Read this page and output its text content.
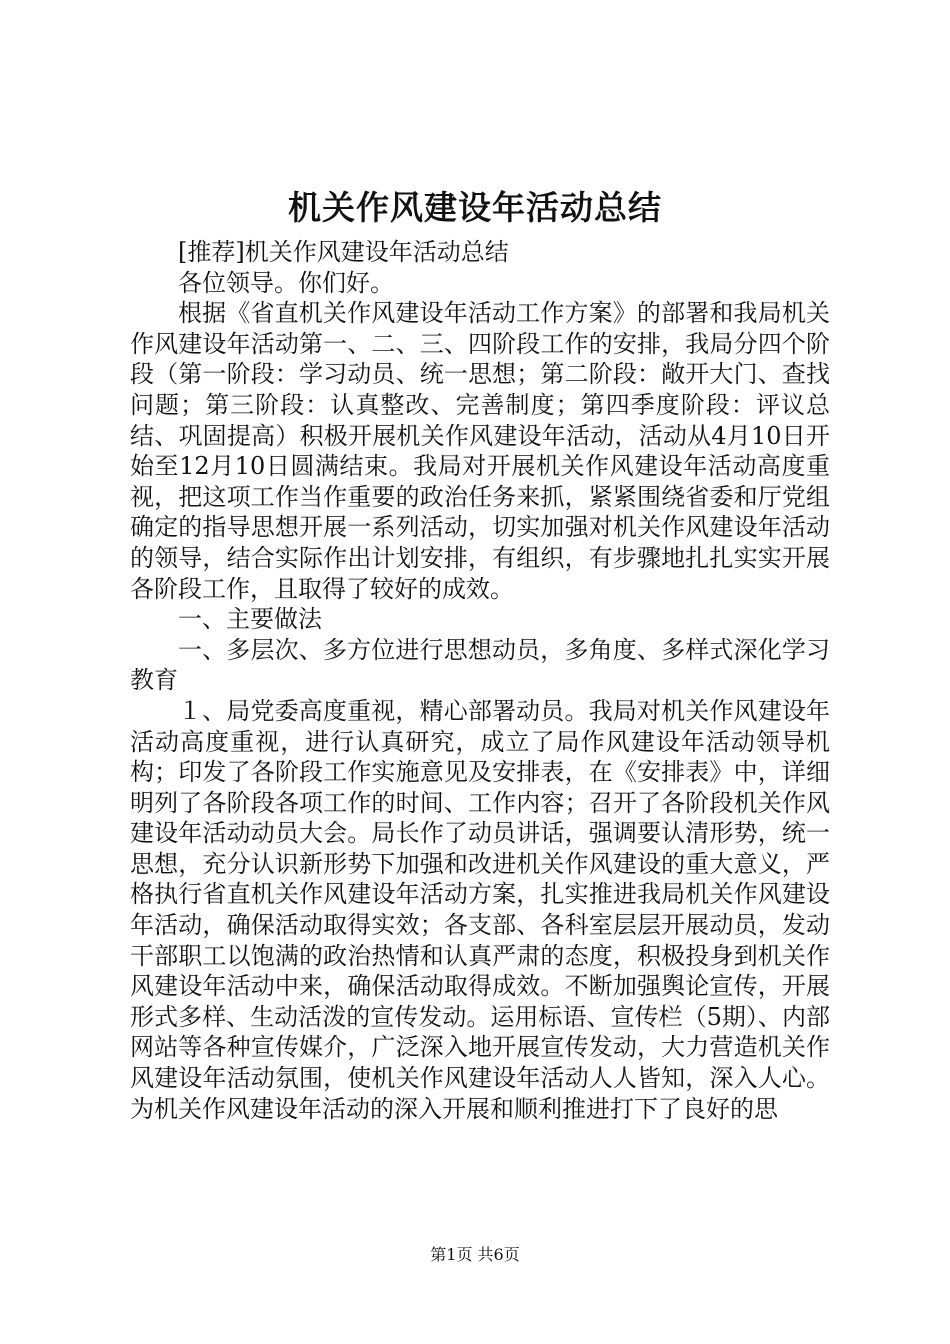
机关作风建设年活动总结

[推荐]机关作风建设年活动总结

各位领导。你们好。

根据《省直机关作风建设年活动工作方案》的部署和我局机关作风建设年活动第一、二、三、四阶段工作的安排，我局分四个阶段（第一阶段：学习动员、统一思想；第二阶段：敞开大门、查找问题；第三阶段：认真整改、完善制度；第四季度阶段：评议总结、巩固提高）积极开展机关作风建设年活动，活动从4月10日开始至12月10日圆满结束。我局对开展机关作风建设年活动高度重视，把这项工作当作重要的政治任务来抓，紧紧围绕省委和厅党组确定的指导思想开展一系列活动，切实加强对机关作风建设年活动的领导，结合实际作出计划安排，有组织，有步骤地扎扎实实开展各阶段工作，且取得了较好的成效。

一、主要做法

一、多层次、多方位进行思想动员，多角度、多样式深化学习教育

１、局党委高度重视，精心部署动员。我局对机关作风建设年活动高度重视，进行认真研究，成立了局作风建设年活动领导机构；印发了各阶段工作实施意见及安排表，在《安排表》中，详细明列了各阶段各项工作的时间、工作内容；召开了各阶段机关作风建设年活动动员大会。局长作了动员讲话，强调要认清形势，统一思想，充分认识新形势下加强和改进机关作风建设的重大意义，严格执行省直机关作风建设年活动方案，扎实推进我局机关作风建设年活动，确保活动取得实效；各支部、各科室层层开展动员，发动干部职工以饱满的政治热情和认真严肃的态度，积极投身到机关作风建设年活动中来，确保活动取得成效。不断加强舆论宣传，开展形式多样、生动活泼的宣传发动。运用标语、宣传栏（5期）、内部网站等各种宣传媒介，广泛深入地开展宣传发动，大力营造机关作风建设年活动氛围，使机关作风建设年活动人人皆知，深入人心。为机关作风建设年活动的深入开展和顺利推进打下了良好的思

第1页 共6页
